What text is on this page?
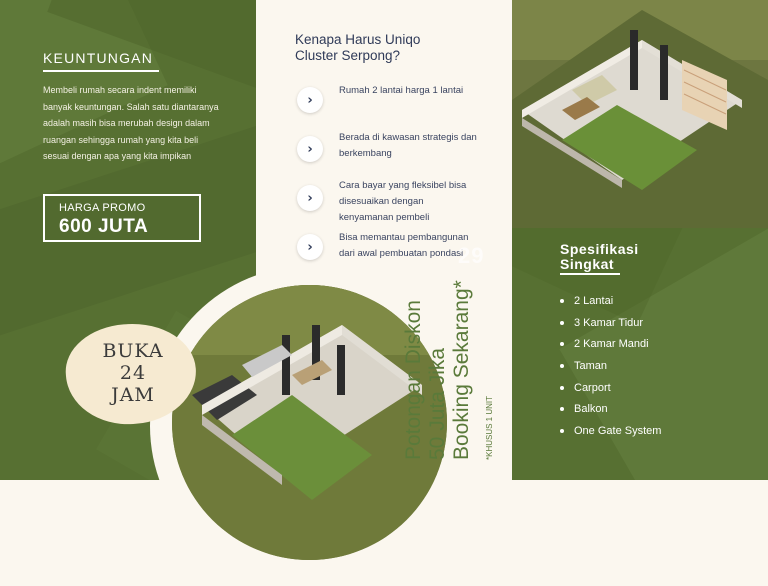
KEUNTUNGAN
Membeli rumah secara indent memiliki banyak keuntungan. Salah satu diantaranya adalah masih bisa merubah design dalam ruangan sehingga rumah yang kita beli sesuai dengan apa yang kita impikan
HARGA PROMO
600 JUTA
Kenapa Harus Uniqo
Cluster Serpong?
›
Rumah 2 lantai harga 1 lantai
›
Berada di kawasan strategis dan berkembang
›
Cara bayar yang fleksibel bisa disesuaikan dengan kenyamanan pembeli
›
Bisa memantau pembangunan dari awal pembuatan pondasi
29
BUKA
24
JAM	Potongan Diskon 50 Juta Jika Booking Sekarang* *KHUSUS 1 UNIT
Spesifikasi
Singkat
2 Lantai
3 Kamar Tidur
2 Kamar Mandi
Taman
Carport
Balkon
One Gate System
